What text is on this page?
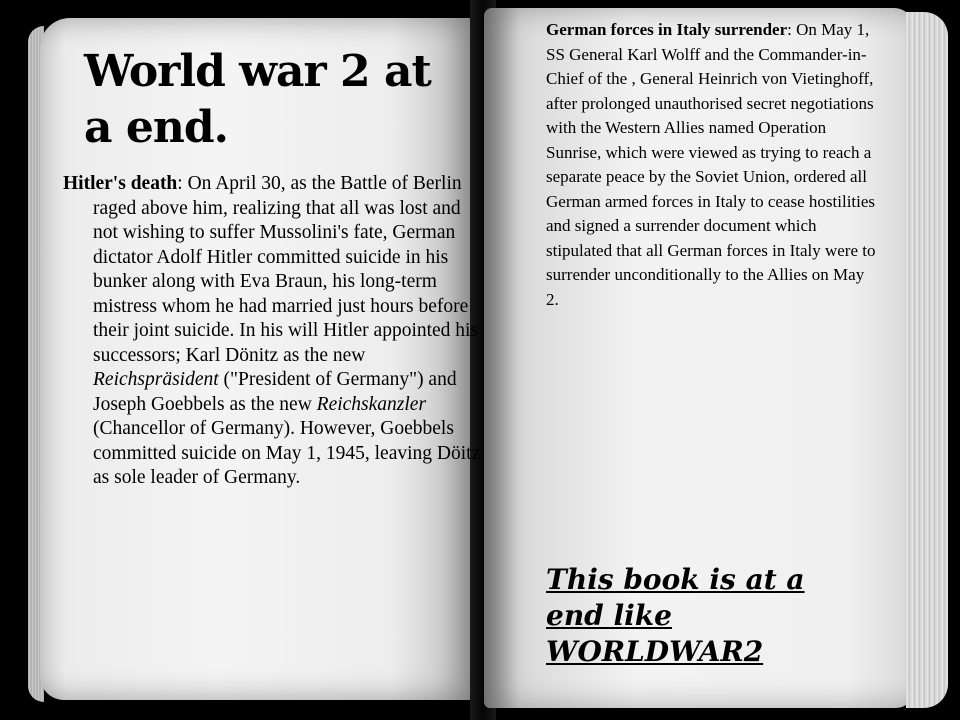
World war 2 at a end.

Hitler's death: On April 30, as the Battle of Berlin raged above him, realizing that all was lost and not wishing to suffer Mussolini's fate, German dictator Adolf Hitler committed suicide in his bunker along with Eva Braun, his long-term mistress whom he had married just hours before their joint suicide. In his will Hitler appointed his successors; Karl Dönitz as the new Reichspräsident ("President of Germany") and Joseph Goebbels as the new Reichskanzler (Chancellor of Germany). However, Goebbels committed suicide on May 1, 1945, leaving Döitz as sole leader of Germany.

German forces in Italy surrender: On May 1, SS General Karl Wolff and the Commander-in-Chief of the , General Heinrich von Vietinghoff, after prolonged unauthorised secret negotiations with the Western Allies named Operation Sunrise, which were viewed as trying to reach a separate peace by the Soviet Union, ordered all German armed forces in Italy to cease hostilities and signed a surrender document which stipulated that all German forces in Italy were to surrender unconditionally to the Allies on May 2.

This book is at a end like WORLDWAR2
